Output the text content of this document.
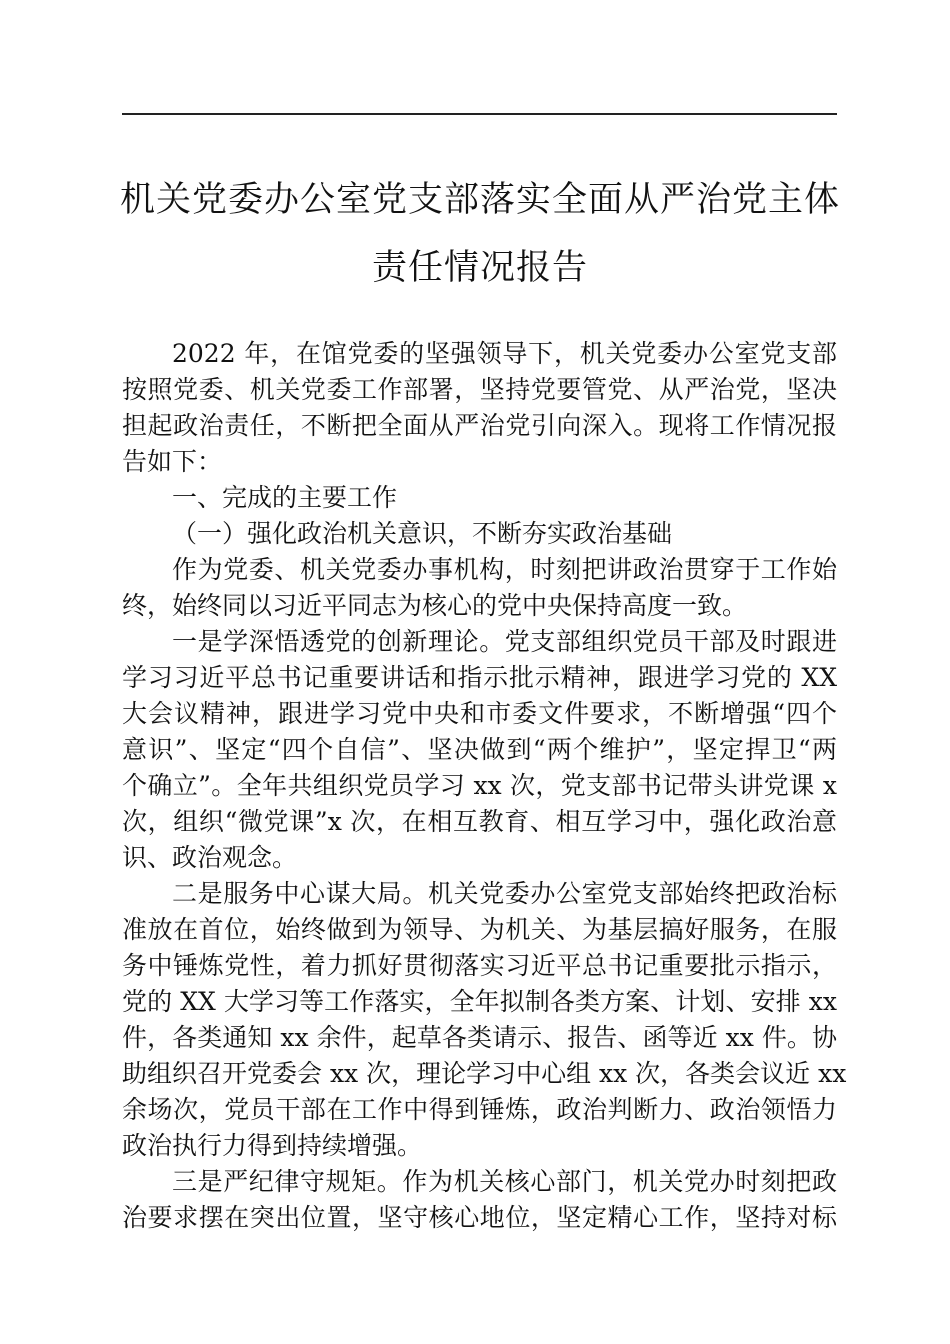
机关党委办公室党支部落实全面从严治党主体
责任情况报告
2022 年，在馆党委的坚强领导下，机关党委办公室党支部
按照党委、机关党委工作部署，坚持党要管党、从严治党，坚决
担起政治责任，不断把全面从严治党引向深入。现将工作情况报
告如下：
一、完成的主要工作
（一）强化政治机关意识，不断夯实政治基础
作为党委、机关党委办事机构，时刻把讲政治贯穿于工作始
终，始终同以习近平同志为核心的党中央保持高度一致。
一是学深悟透党的创新理论。党支部组织党员干部及时跟进
学习习近平总书记重要讲话和指示批示精神，跟进学习党的 XX
大会议精神，跟进学习党中央和市委文件要求，不断增强“四个
意识”、坚定“四个自信”、坚决做到“两个维护”，坚定捍卫“两
个确立”。全年共组织党员学习 xx 次，党支部书记带头讲党课 x
次，组织“微党课”x 次，在相互教育、相互学习中，强化政治意
识、政治观念。
二是服务中心谋大局。机关党委办公室党支部始终把政治标
准放在首位，始终做到为领导、为机关、为基层搞好服务，在服
务中锤炼党性，着力抓好贯彻落实习近平总书记重要批示指示，
党的 XX 大学习等工作落实，全年拟制各类方案、计划、安排 xx
件，各类通知 xx 余件，起草各类请示、报告、函等近 xx 件。协
助组织召开党委会 xx 次，理论学习中心组 xx 次，各类会议近 xx
余场次，党员干部在工作中得到锤炼，政治判断力、政治领悟力
政治执行力得到持续增强。
三是严纪律守规矩。作为机关核心部门，机关党办时刻把政
治要求摆在突出位置，坚守核心地位，坚定精心工作，坚持对标
